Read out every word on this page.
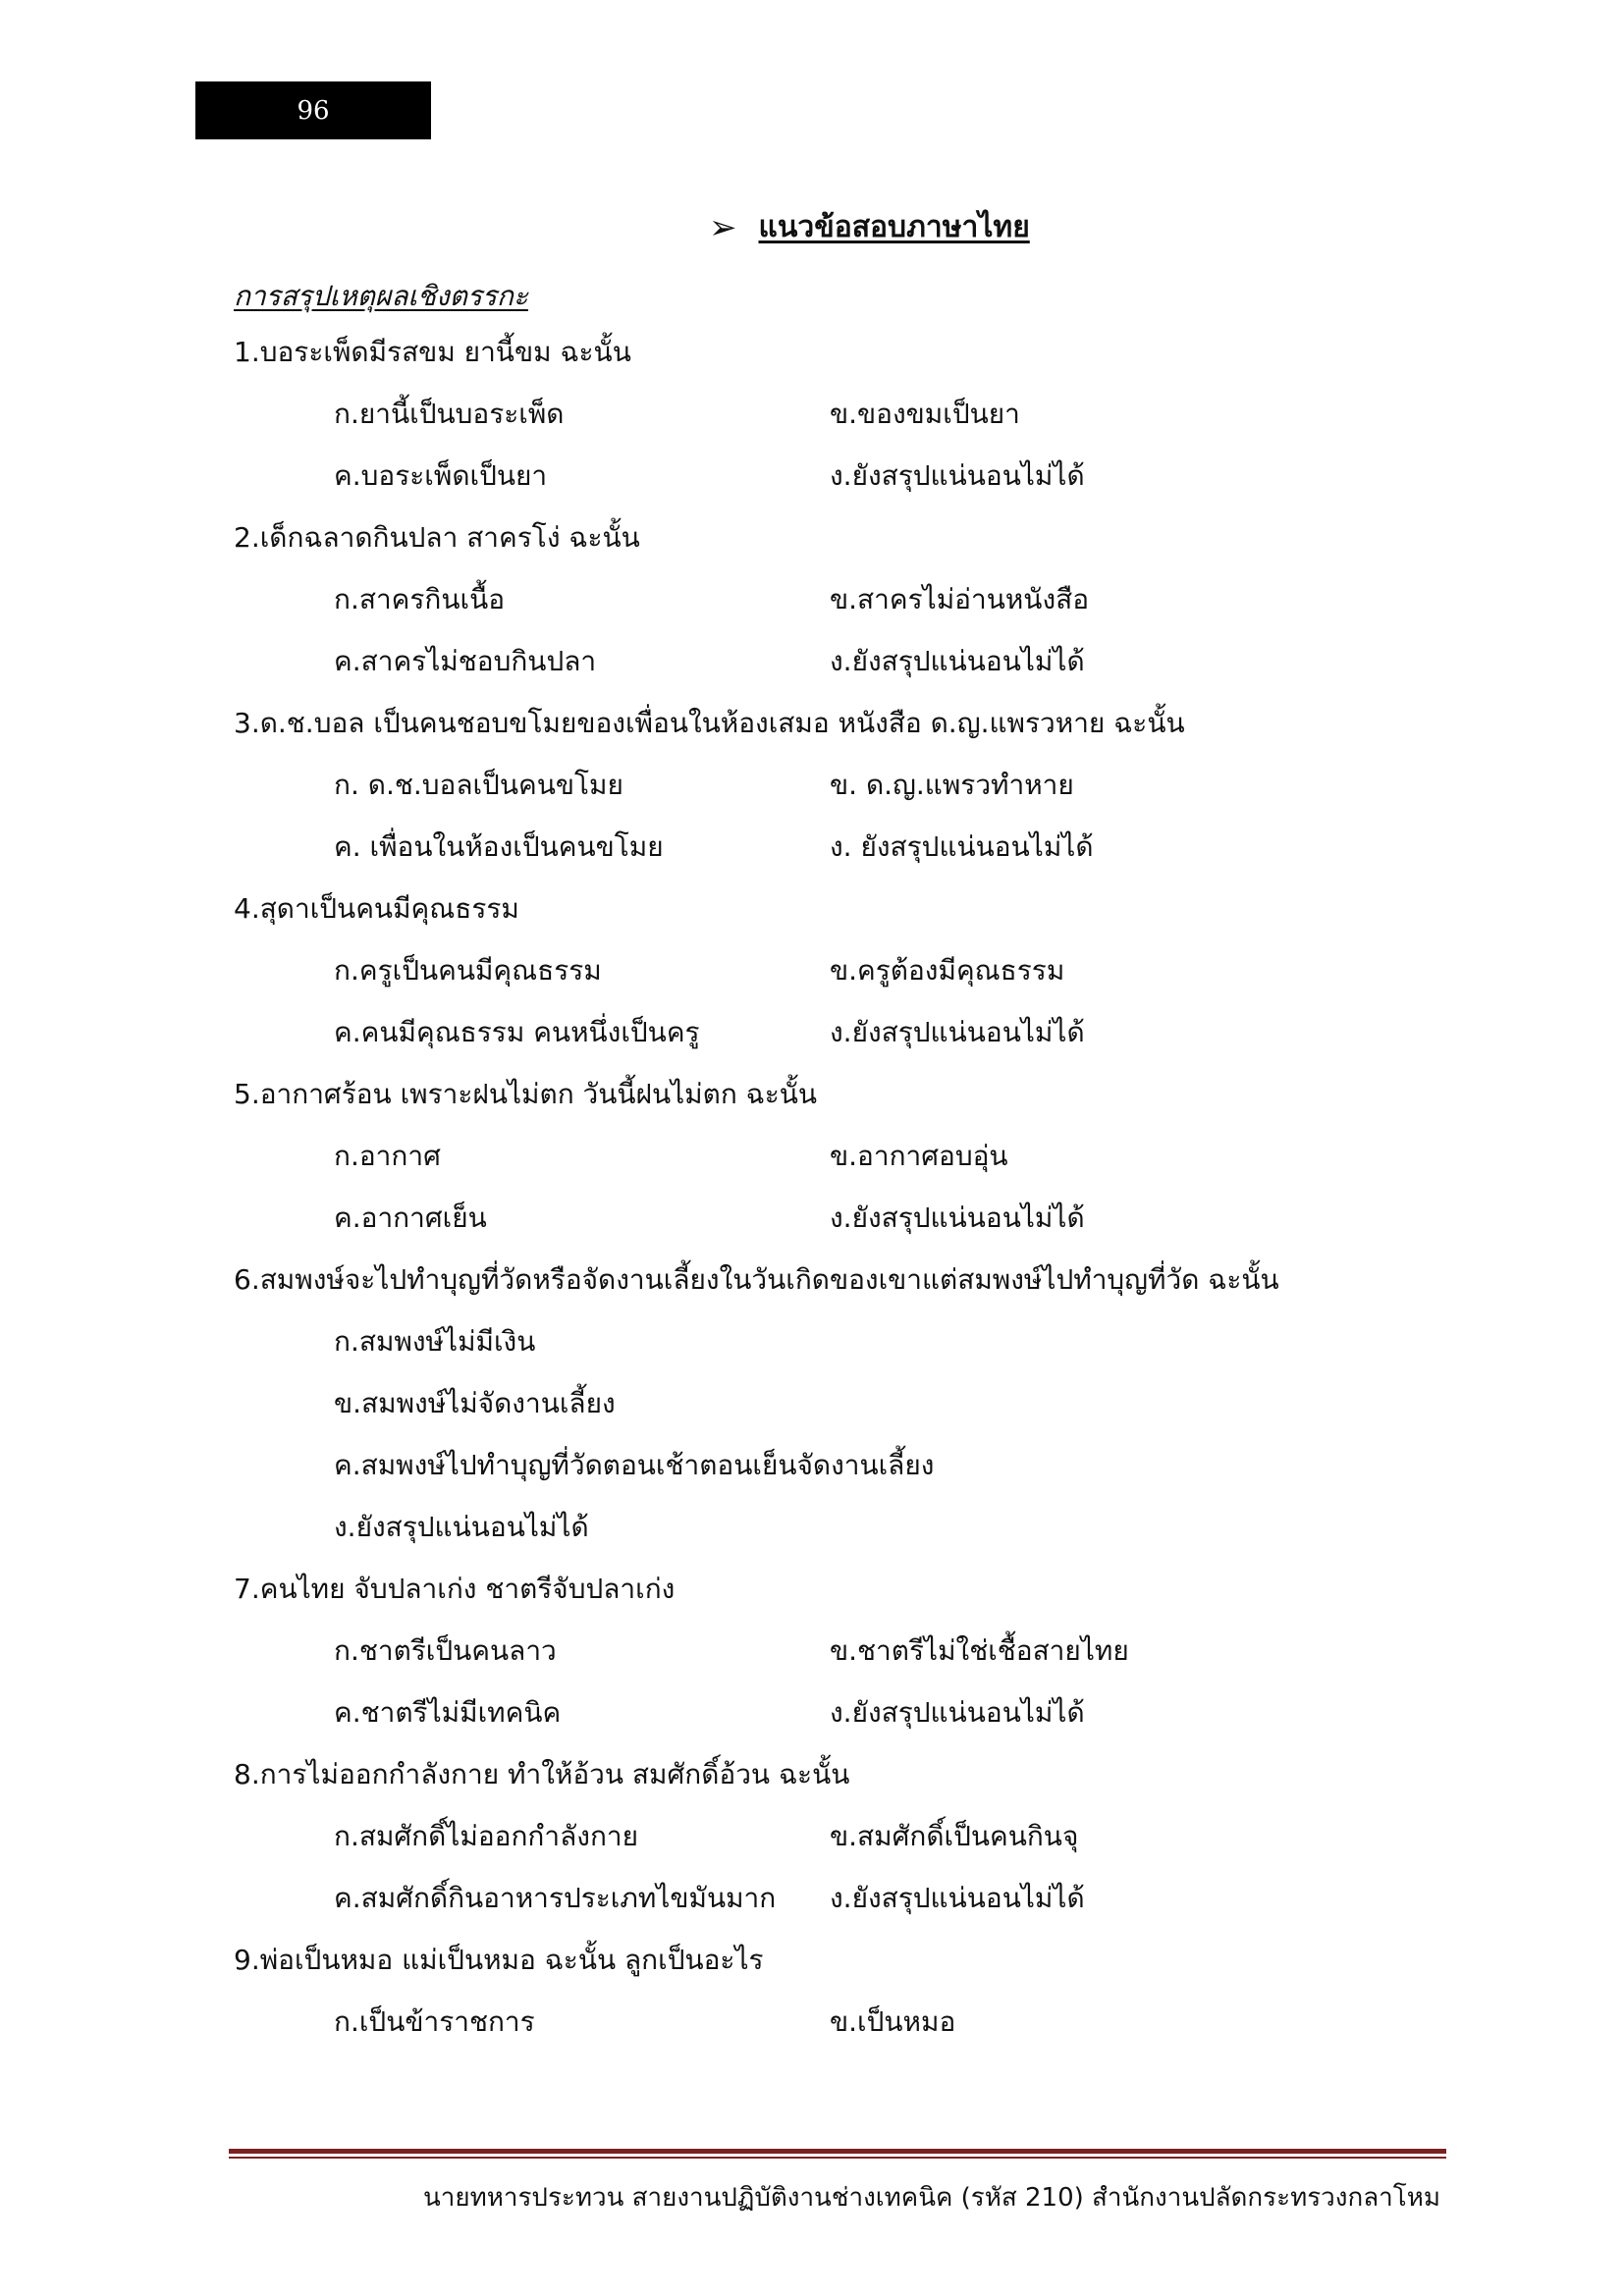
96
➢ แนวข้อสอบภาษาไทย
การสรุปเหตุผลเชิงตรรกะ
1.บอระเพ็ดมีรสขม ยานี้ขม ฉะนั้น
ก.ยานี้เป็นบอระเพ็ด	ข.ของขมเป็นยา
ค.บอระเพ็ดเป็นยา	ง.ยังสรุปแน่นอนไม่ได้
2.เด็กฉลาดกินปลา สาครโง่ ฉะนั้น
ก.สาครกินเนื้อ	ข.สาครไม่อ่านหนังสือ
ค.สาครไม่ชอบกินปลา	ง.ยังสรุปแน่นอนไม่ได้
3.ด.ช.บอล เป็นคนชอบขโมยของเพื่อนในห้องเสมอ หนังสือ ด.ญ.แพรวหาย ฉะนั้น
ก. ด.ช.บอลเป็นคนขโมย	ข. ด.ญ.แพรวทำหาย
ค. เพื่อนในห้องเป็นคนขโมย	ง. ยังสรุปแน่นอนไม่ได้
4.สุดาเป็นคนมีคุณธรรม
ก.ครูเป็นคนมีคุณธรรม	ข.ครูต้องมีคุณธรรม
ค.คนมีคุณธรรม คนหนึ่งเป็นครู	ง.ยังสรุปแน่นอนไม่ได้
5.อากาศร้อน เพราะฝนไม่ตก วันนี้ฝนไม่ตก ฉะนั้น
ก.อากาศ	ข.อากาศอบอุ่น
ค.อากาศเย็น	ง.ยังสรุปแน่นอนไม่ได้
6.สมพงษ์จะไปทำบุญที่วัดหรือจัดงานเลี้ยงในวันเกิดของเขาแต่สมพงษ์ไปทำบุญที่วัด ฉะนั้น
ก.สมพงษ์ไม่มีเงิน
ข.สมพงษ์ไม่จัดงานเลี้ยง
ค.สมพงษ์ไปทำบุญที่วัดตอนเช้าตอนเย็นจัดงานเลี้ยง
ง.ยังสรุปแน่นอนไม่ได้
7.คนไทย จับปลาเก่ง ชาตรีจับปลาเก่ง
ก.ชาตรีเป็นคนลาว	ข.ชาตรีไม่ใช่เชื้อสายไทย
ค.ชาตรีไม่มีเทคนิค	ง.ยังสรุปแน่นอนไม่ได้
8.การไม่ออกกำลังกาย ทำให้อ้วน สมศักดิ์อ้วน ฉะนั้น
ก.สมศักดิ์ไม่ออกกำลังกาย	ข.สมศักดิ์เป็นคนกินจุ
ค.สมศักดิ์กินอาหารประเภทไขมันมาก ง.ยังสรุปแน่นอนไม่ได้
9.พ่อเป็นหมอ แม่เป็นหมอ ฉะนั้น ลูกเป็นอะไร
ก.เป็นข้าราชการ	ข.เป็นหมอ
นายทหารประทวน สายงานปฏิบัติงานช่างเทคนิค (รหัส 210) สำนักงานปลัดกระทรวงกลาโหม
